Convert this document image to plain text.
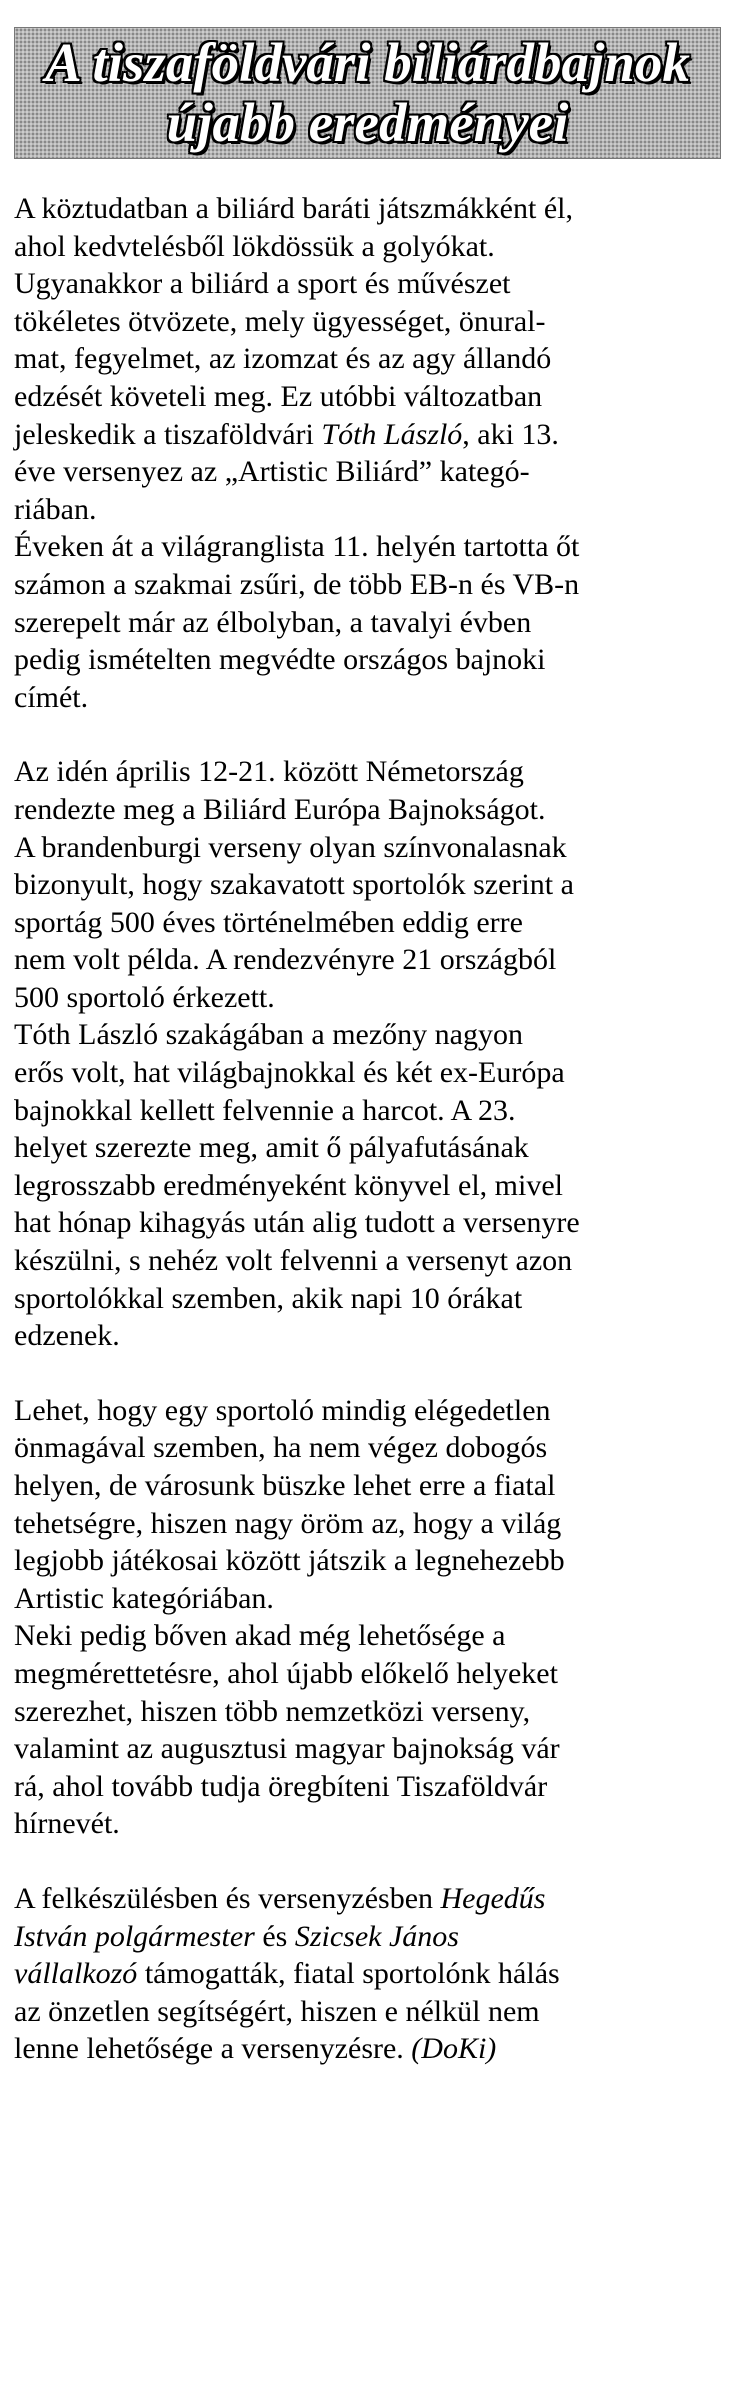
A tiszaföldvári biliárdbajnok
újabb eredményei

A köztudatban a biliárd baráti játszmákként él,
ahol kedvtelésből lökdössük a golyókat.
Ugyanakkor a biliárd a sport és művészet
tökéletes ötvözete, mely ügyességet, önural-
mat, fegyelmet, az izomzat és az agy állandó
edzését követeli meg. Ez utóbbi változatban
jeleskedik a tiszaföldvári Tóth László, aki 13.
éve versenyez az „Artistic Biliárd” kategó-
riában.

Éveken át a világranglista 11. helyén tartotta őt
számon a szakmai zsűri, de több EB-n és VB-n
szerepelt már az élbolyban, a tavalyi évben
pedig ismételten megvédte országos bajnoki
címét.

Az idén április 12-21. között Németország
rendezte meg a Biliárd Európa Bajnokságot.

A brandenburgi verseny olyan színvonalasnak
bizonyult, hogy szakavatott sportolók szerint a
sportág 500 éves történelmében eddig erre
nem volt példa. A rendezvényre 21 országból
500 sportoló érkezett.

Tóth László szakágában a mezőny nagyon
erős volt, hat világbajnokkal és két ex-Európa
bajnokkal kellett felvennie a harcot. A 23.
helyet szerezte meg, amit ő pályafutásának
legrosszabb eredményeként könyvel el, mivel
hat hónap kihagyás után alig tudott a versenyre
készülni, s nehéz volt felvenni a versenyt azon
sportolókkal szemben, akik napi 10 órákat
edzenek.

Lehet, hogy egy sportoló mindig elégedetlen
önmagával szemben, ha nem végez dobogós
helyen, de városunk büszke lehet erre a fiatal
tehetségre, hiszen nagy öröm az, hogy a világ
legjobb játékosai között játszik a legnehezebb
Artistic kategóriában.

Neki pedig bőven akad még lehetősége a
megmérettetésre, ahol újabb előkelő helyeket
szerezhet, hiszen több nemzetközi verseny,
valamint az augusztusi magyar bajnokság vár
rá, ahol tovább tudja öregbíteni Tiszaföldvár
hírnevét.

A felkészülésben és versenyzésben Hegedűs
István polgármester és Szicsek János
vállalkozó támogatták, fiatal sportolónk hálás
az önzetlen segítségért, hiszen e nélkül nem
lenne lehetősége a versenyzésre. (DoKi)
